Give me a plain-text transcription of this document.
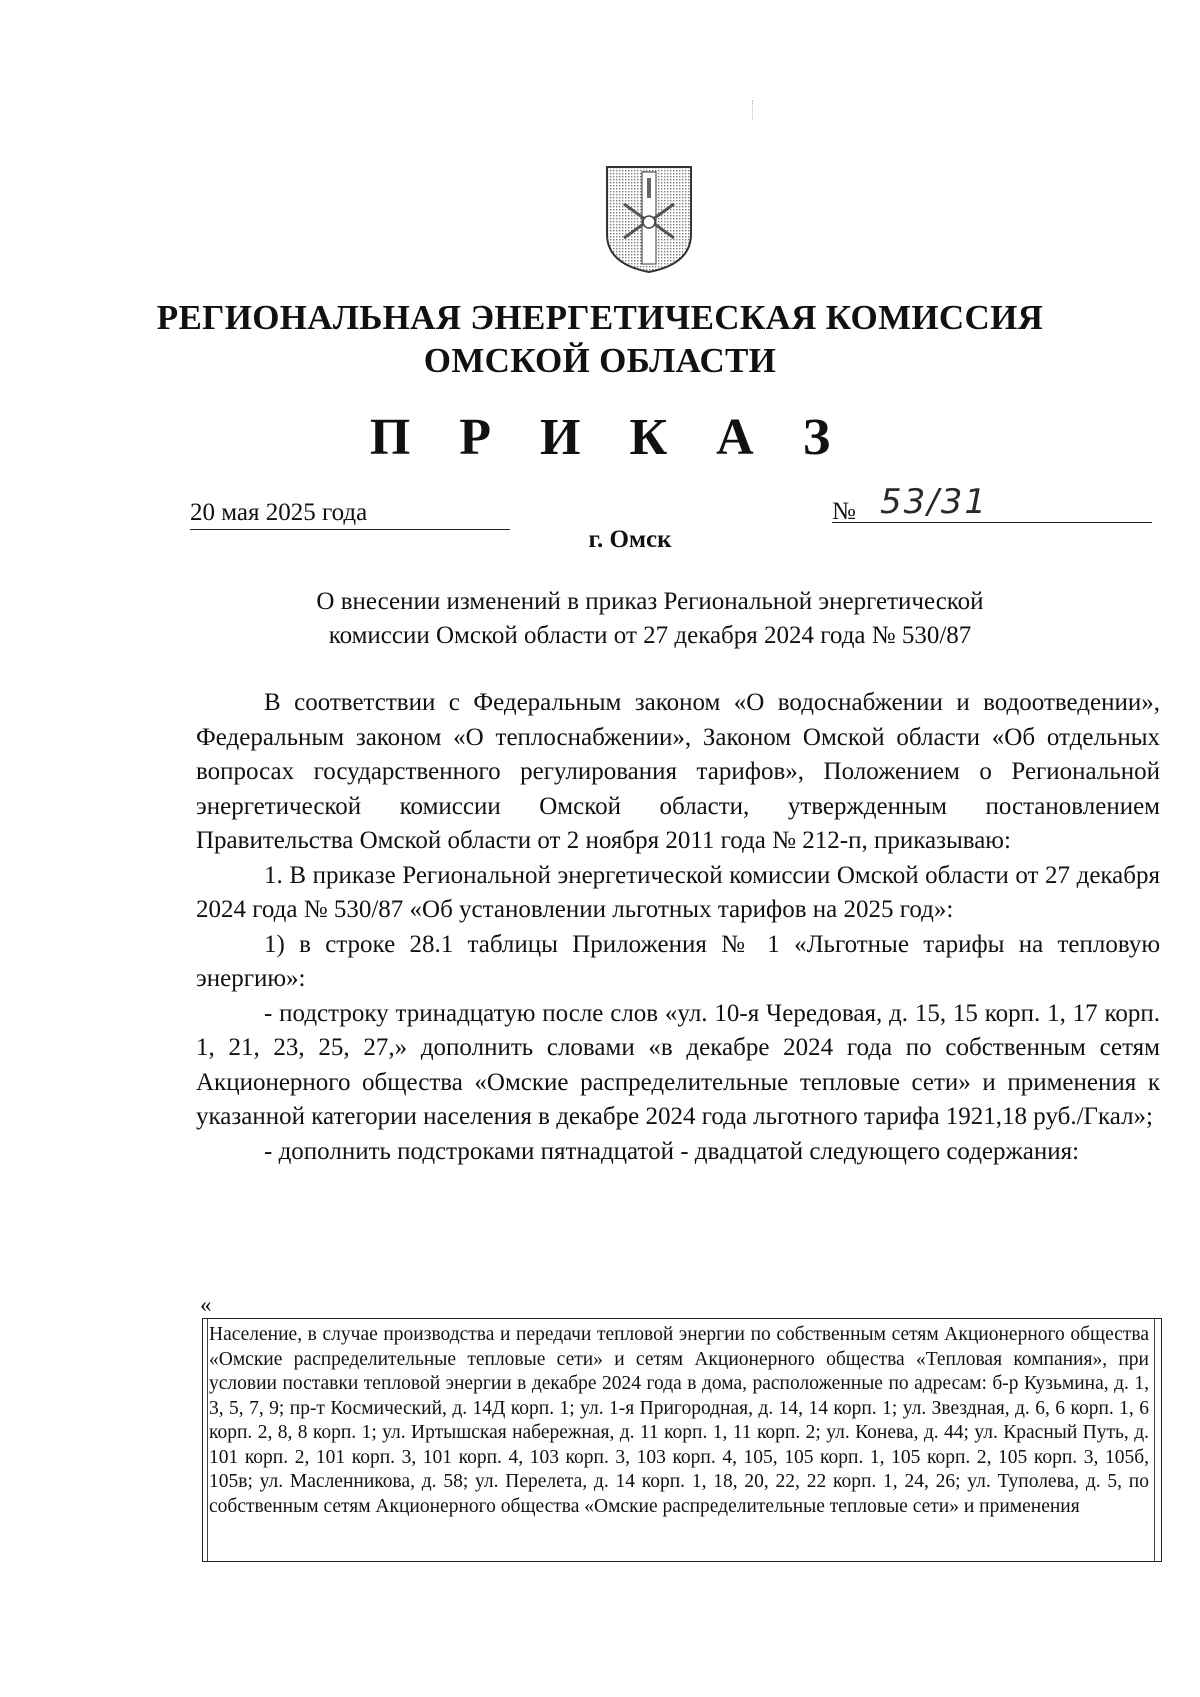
РЕГИОНАЛЬНАЯ ЭНЕРГЕТИЧЕСКАЯ КОМИССИЯ
ОМСКОЙ ОБЛАСТИ
П Р И К А З
20 мая 2025 года	№ 53/31
г. Омск
О внесении изменений в приказ Региональной энергетической
комиссии Омской области от 27 декабря 2024 года № 530/87

В соответствии с Федеральным законом «О водоснабжении и водоотведении», Федеральным законом «О теплоснабжении», Законом Омской области «Об отдельных вопросах государственного регулирования тарифов», Положением о Региональной энергетической комиссии Омской области, утвержденным постановлением Правительства Омской области от 2 ноября 2011 года № 212-п, приказываю:

1. В приказе Региональной энергетической комиссии Омской области от 27 декабря 2024 года № 530/87 «Об установлении льготных тарифов на 2025 год»:

1) в строке 28.1 таблицы Приложения № 1 «Льготные тарифы на тепловую энергию»:

- подстроку тринадцатую после слов «ул. 10-я Чередовая, д. 15, 15 корп. 1, 17 корп. 1, 21, 23, 25, 27,» дополнить словами «в декабре 2024 года по собственным сетям Акционерного общества «Омские распределительные тепловые сети» и применения к указанной категории населения в декабре 2024 года льготного тарифа 1921,18 руб./Гкал»;

- дополнить подстроками пятнадцатой - двадцатой следующего содержания:

«
Население, в случае производства и передачи тепловой энергии по собственным сетям Акционерного общества «Омские распределительные тепловые сети» и сетям Акционерного общества «Тепловая компания», при условии поставки тепловой энергии в декабре 2024 года в дома, расположенные по адресам: б-р Кузьмина, д. 1, 3, 5, 7, 9; пр-т Космический, д. 14Д корп. 1; ул. 1-я Пригородная, д. 14, 14 корп. 1; ул. Звездная, д. 6, 6 корп. 1, 6 корп. 2, 8, 8 корп. 1; ул. Иртышская набережная, д. 11 корп. 1, 11 корп. 2; ул. Конева, д. 44; ул. Красный Путь, д. 101 корп. 2, 101 корп. 3, 101 корп. 4, 103 корп. 3, 103 корп. 4, 105, 105 корп. 1, 105 корп. 2, 105 корп. 3, 105б, 105в; ул. Масленникова, д. 58; ул. Перелета, д. 14 корп. 1, 18, 20, 22, 22 корп. 1, 24, 26; ул. Туполева, д. 5, по собственным сетям Акционерного общества «Омские распределительные тепловые сети» и применения
